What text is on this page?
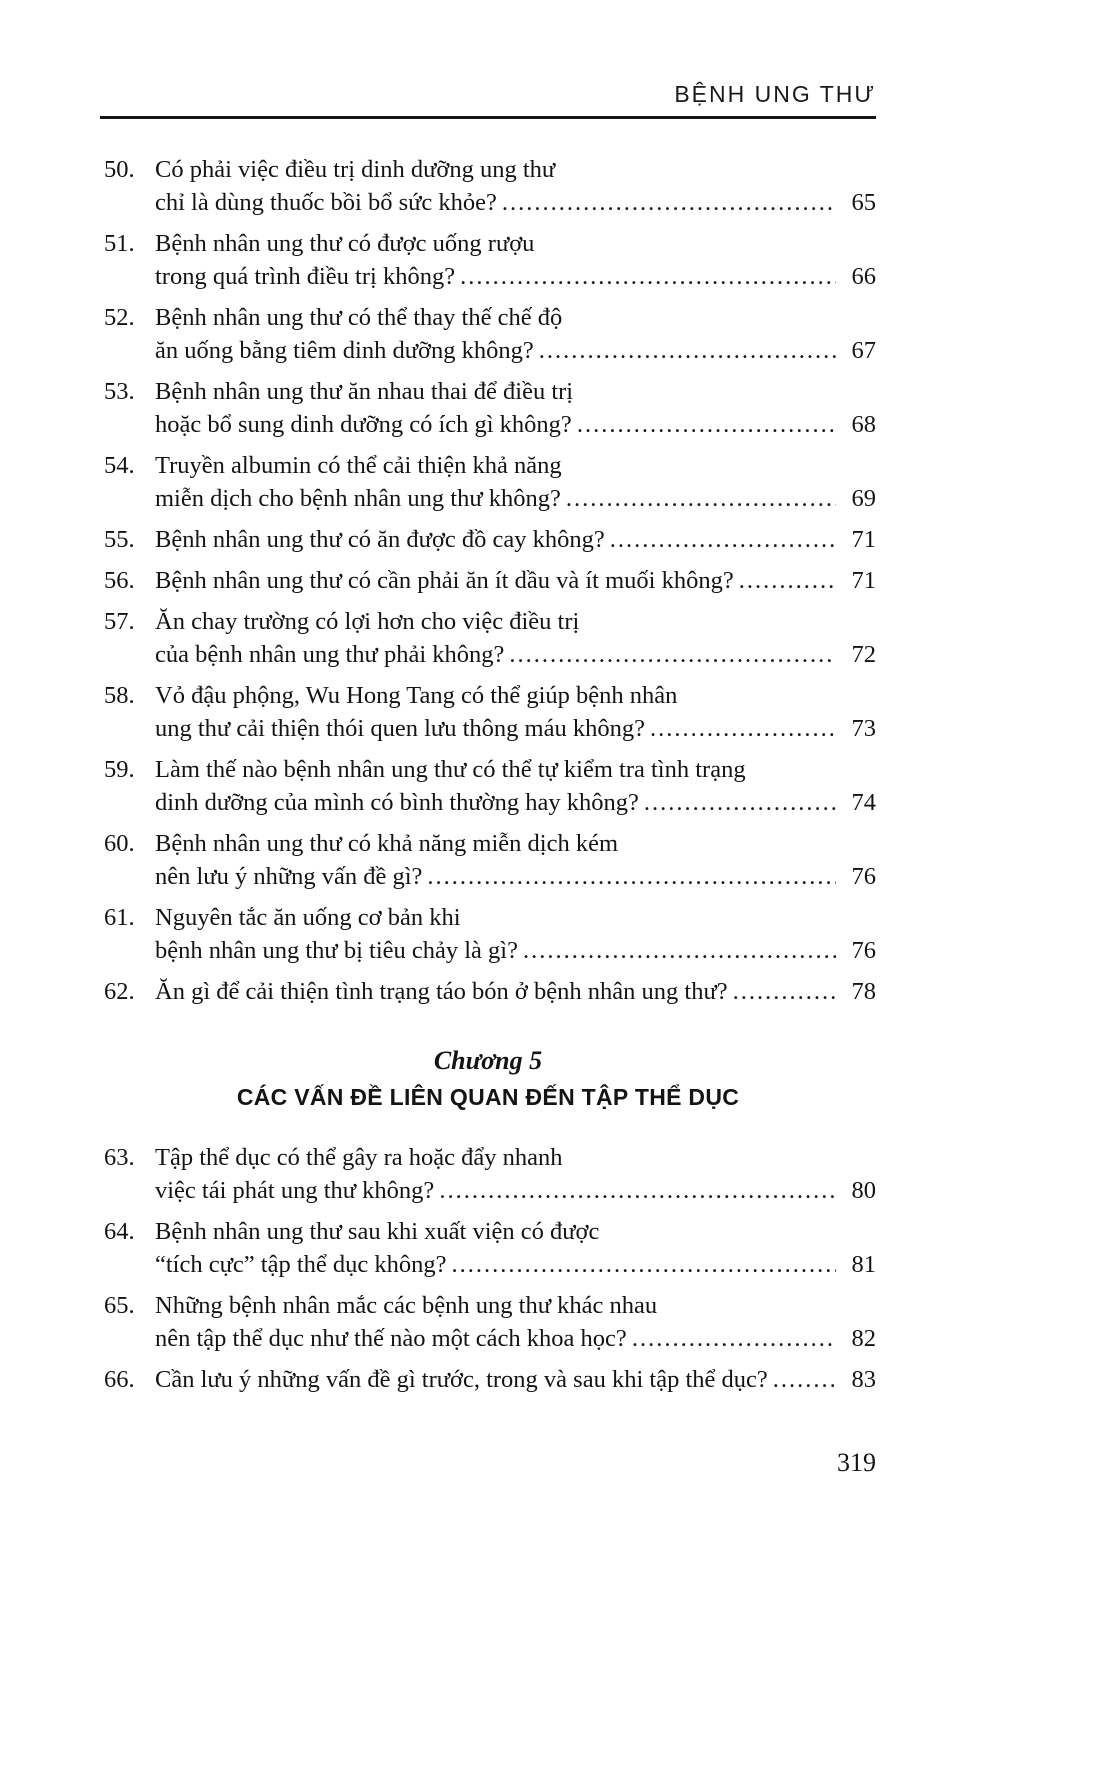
BỆNH UNG THƯ
50. Có phải việc điều trị dinh dưỡng ung thư
chỉ là dùng thuốc bồi bổ sức khỏe? .....	65
51. Bệnh nhân ung thư có được uống rượu
trong quá trình điều trị không? .....	66
52. Bệnh nhân ung thư có thể thay thế chế độ
ăn uống bằng tiêm dinh dưỡng không? .....	67
53. Bệnh nhân ung thư ăn nhau thai để điều trị
hoặc bổ sung dinh dưỡng có ích gì không? .....	68
54. Truyền albumin có thể cải thiện khả năng
miễn dịch cho bệnh nhân ung thư không? .....	69
55. Bệnh nhân ung thư có ăn được đồ cay không? .....	71
56. Bệnh nhân ung thư có cần phải ăn ít dầu và ít muối không? .....	71
57. Ăn chay trường có lợi hơn cho việc điều trị
của bệnh nhân ung thư phải không? .....	72
58. Vỏ đậu phộng, Wu Hong Tang có thể giúp bệnh nhân
ung thư cải thiện thói quen lưu thông máu không? .....	73
59. Làm thế nào bệnh nhân ung thư có thể tự kiểm tra tình trạng
dinh dưỡng của mình có bình thường hay không? .....	74
60. Bệnh nhân ung thư có khả năng miễn dịch kém
nên lưu ý những vấn đề gì? .....	76
61. Nguyên tắc ăn uống cơ bản khi
bệnh nhân ung thư bị tiêu chảy là gì? .....	76
62. Ăn gì để cải thiện tình trạng táo bón ở bệnh nhân ung thư? .....	78
Chương 5
CÁC VẤN ĐỀ LIÊN QUAN ĐẾN TẬP THỂ DỤC
63. Tập thể dục có thể gây ra hoặc đẩy nhanh
việc tái phát ung thư không? .....	80
64. Bệnh nhân ung thư sau khi xuất viện có được
“tích cực” tập thể dục không? .....	81
65. Những bệnh nhân mắc các bệnh ung thư khác nhau
nên tập thể dục như thế nào một cách khoa học? .....	82
66. Cần lưu ý những vấn đề gì trước, trong và sau khi tập thể dục? .....	83
319
